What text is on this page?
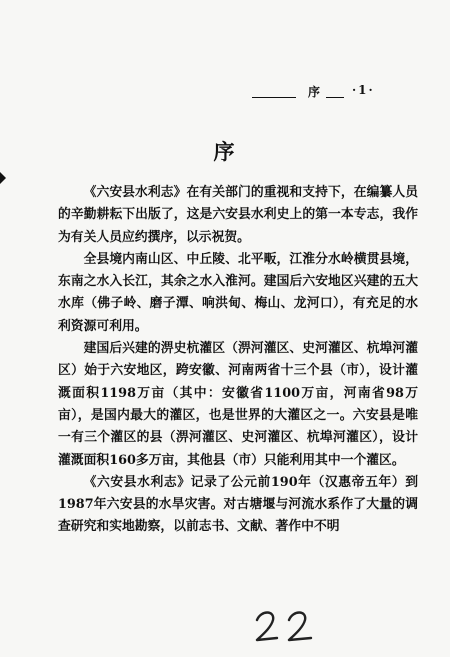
序	·1·
序

《六安县水利志》在有关部门的重视和支持下，在编纂人员的辛勤耕耘下出版了，这是六安县水利史上的第一本专志，我作为有关人员应约撰序，以示祝贺。

全县境内南山区、中丘陵、北平畈，江淮分水岭横贯县境，东南之水入长江，其余之水入淮河。建国后六安地区兴建的五大水库（佛子岭、磨子潭、响洪甸、梅山、龙河口），有充足的水利资源可利用。

建国后兴建的淠史杭灌区（淠河灌区、史河灌区、杭埠河灌区）始于六安地区，跨安徽、河南两省十三个县（市），设计灌溉面积1198万亩（其中：安徽省1100万亩，河南省98万亩），是国内最大的灌区，也是世界的大灌区之一。六安县是唯一有三个灌区的县（淠河灌区、史河灌区、杭埠河灌区），设计灌溉面积160多万亩，其他县（市）只能利用其中一个灌区。

《六安县水利志》记录了公元前190年（汉惠帝五年）到1987年六安县的水旱灾害。对古塘堰与河流水系作了大量的调查研究和实地勘察，以前志书、文献、著作中不明
